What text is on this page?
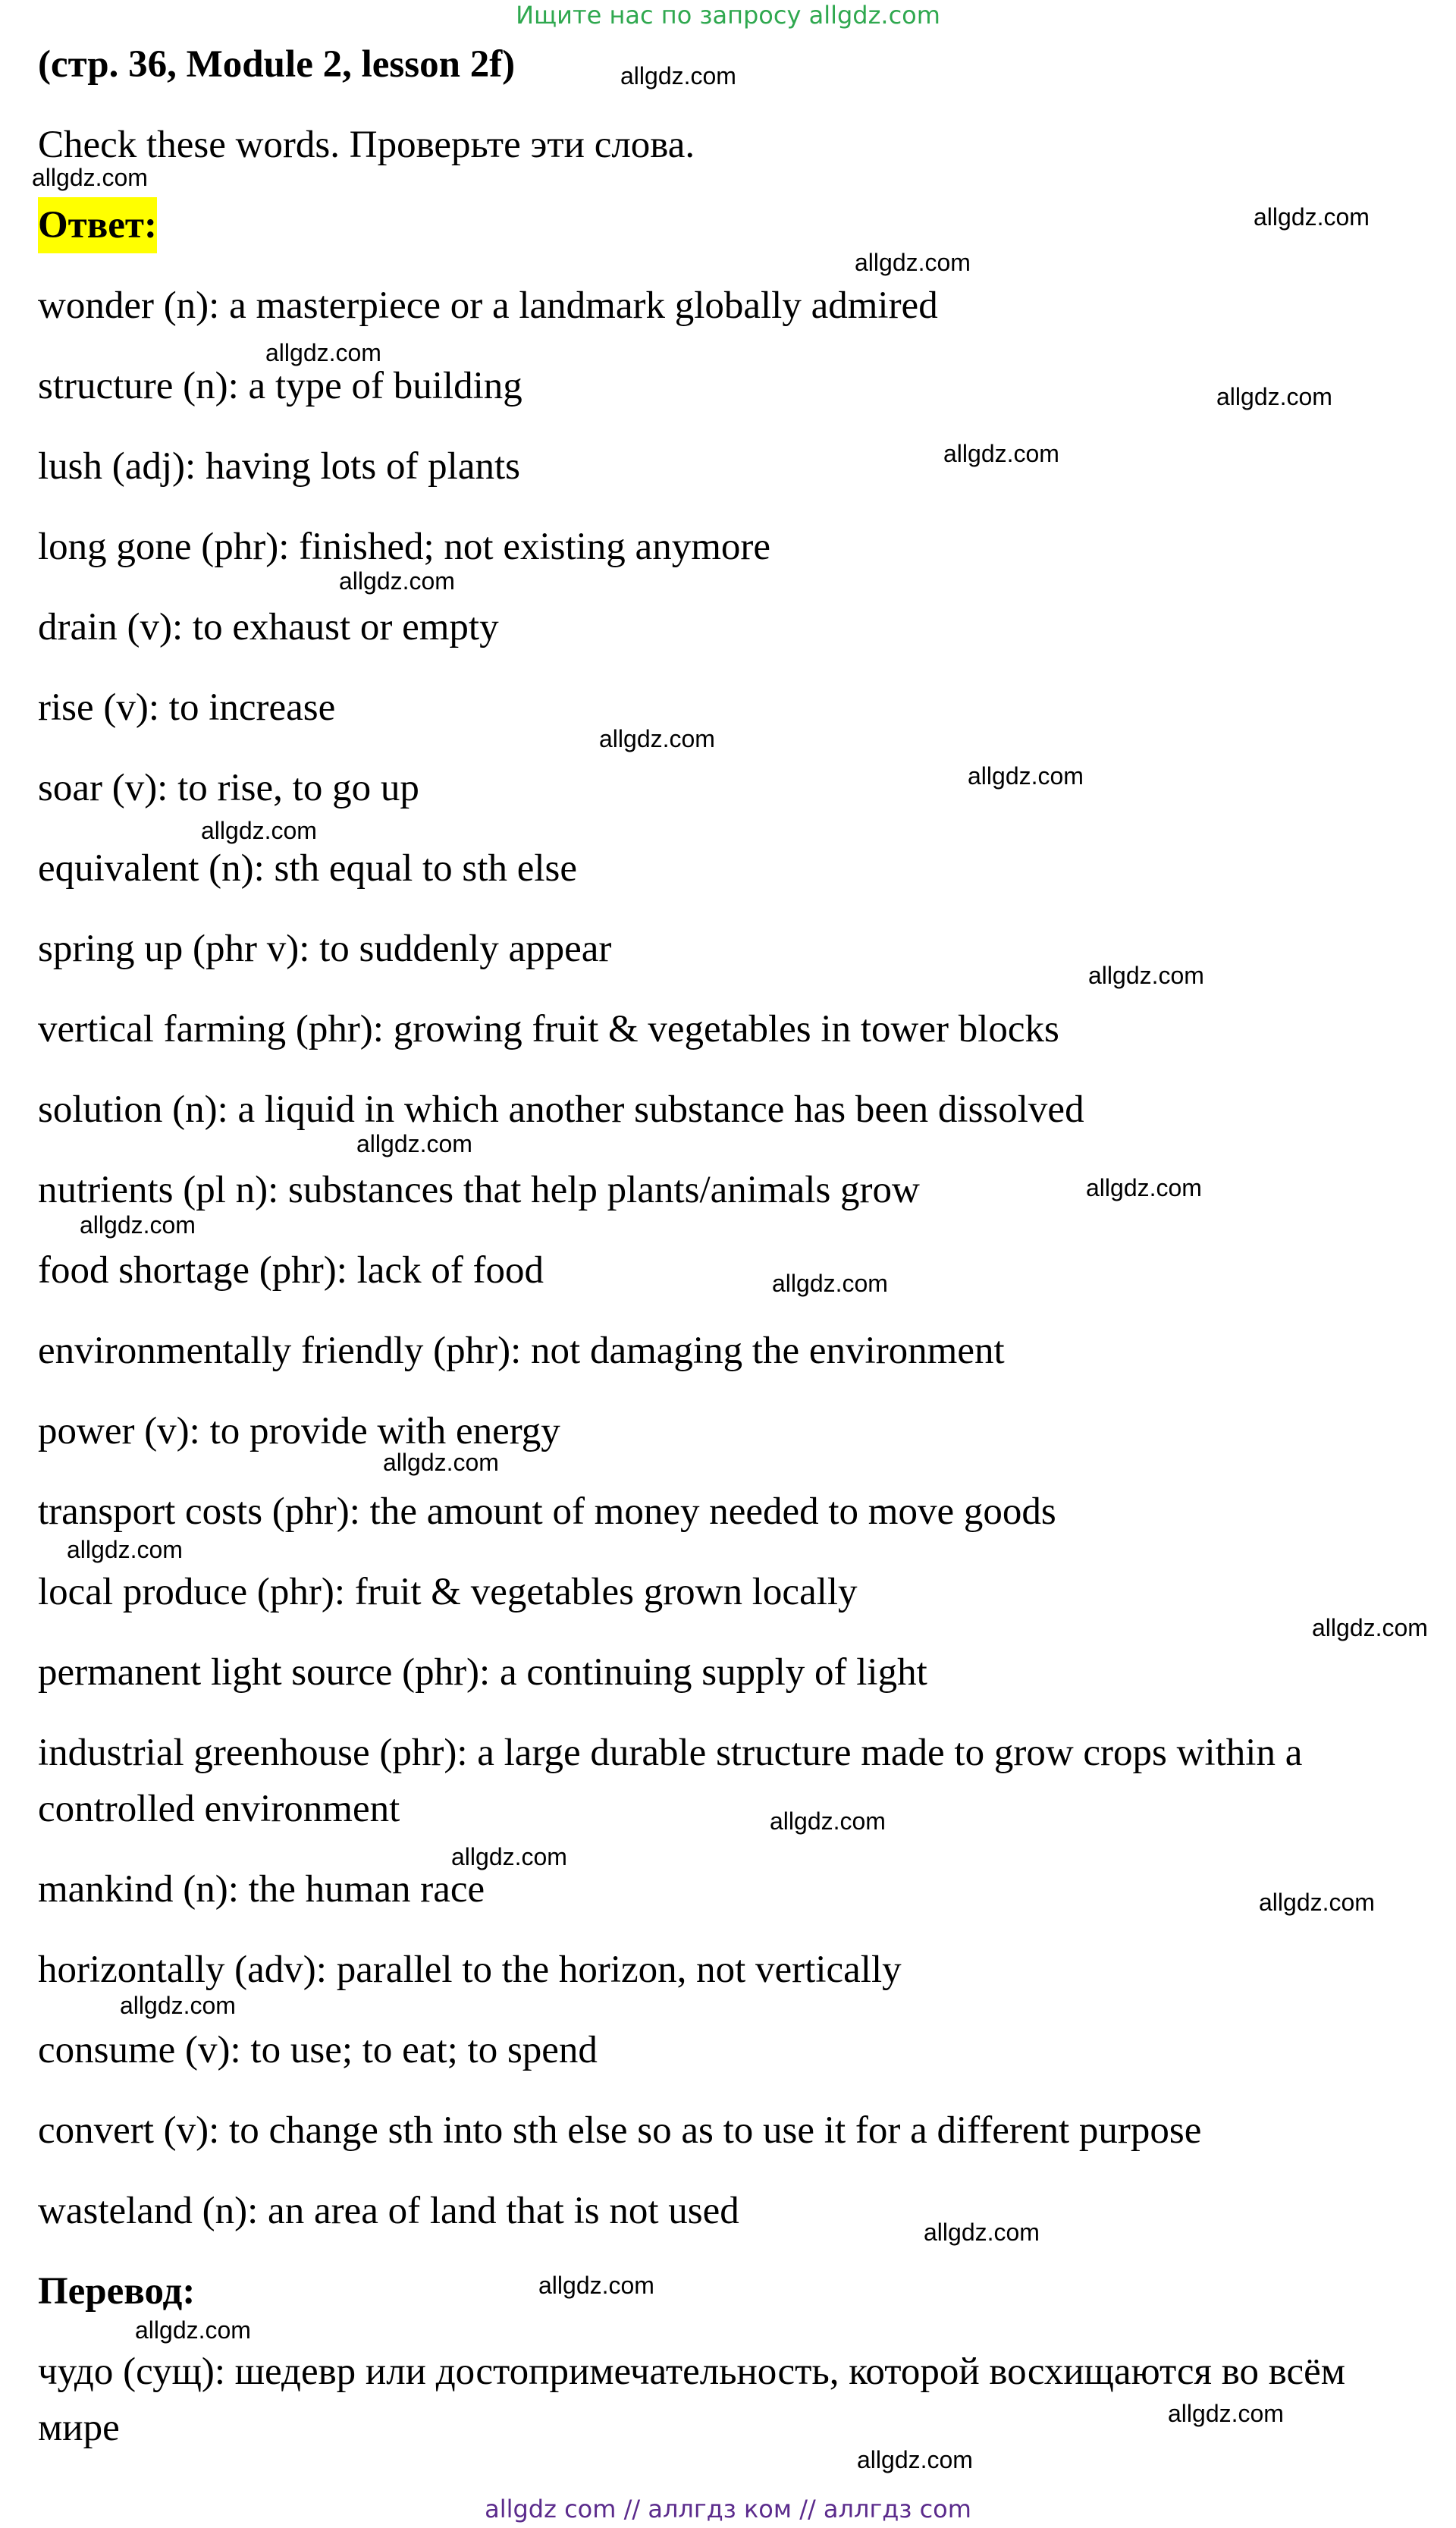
Ищите нас по запросу allgdz.com

(стр. 36, Module 2, lesson 2f)

Check these words. Проверьте эти слова.

Ответ:

wonder (n): a masterpiece or a landmark globally admired

structure (n): a type of building

lush (adj): having lots of plants

long gone (phr): finished; not existing anymore

drain (v): to exhaust or empty

rise (v): to increase

soar (v): to rise, to go up

equivalent (n): sth equal to sth else

spring up (phr v): to suddenly appear

vertical farming (phr): growing fruit & vegetables in tower blocks

solution (n): a liquid in which another substance has been dissolved

nutrients (pl n): substances that help plants/animals grow

food shortage (phr): lack of food

environmentally friendly (phr): not damaging the environment

power (v): to provide with energy

transport costs (phr): the amount of money needed to move goods

local produce (phr): fruit & vegetables grown locally

permanent light source (phr): a continuing supply of light

industrial greenhouse (phr): a large durable structure made to grow crops within a controlled environment

mankind (n): the human race

horizontally (adv): parallel to the horizon, not vertically

consume (v): to use; to eat; to spend

convert (v): to change sth into sth else so as to use it for a different purpose

wasteland (n): an area of land that is not used

Перевод:

чудо (сущ): шедевр или достопримечательность, которой восхищаются во всём мире

allgdz.com
allgdz.com
allgdz.com
allgdz.com
allgdz.com
allgdz.com
allgdz.com
allgdz.com
allgdz.com
allgdz.com
allgdz.com
allgdz.com
allgdz.com
allgdz.com
allgdz.com
allgdz.com
allgdz.com
allgdz.com
allgdz.com
allgdz.com
allgdz.com
allgdz.com
allgdz.com
allgdz.com
allgdz.com
allgdz.com
allgdz.com
allgdz.com
allgdz com // аллгдз ком // аллгдз com
